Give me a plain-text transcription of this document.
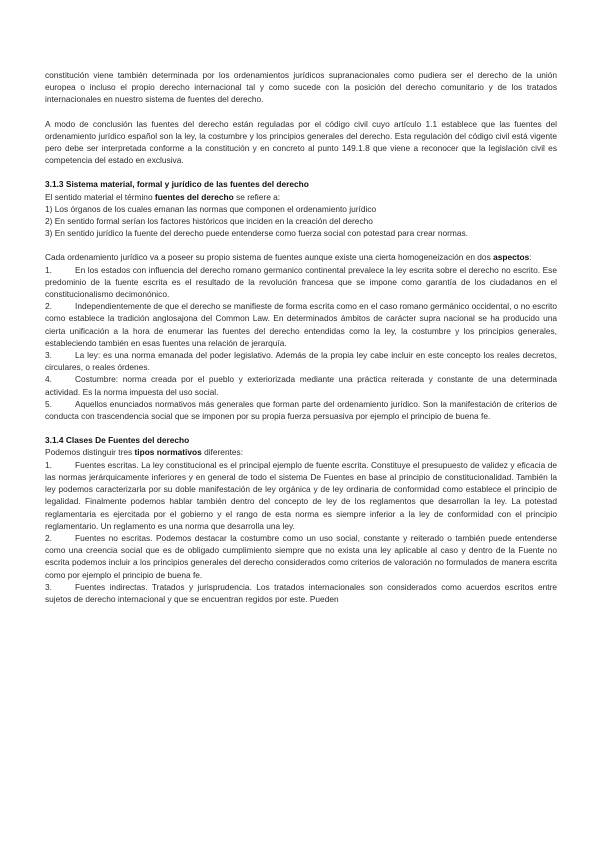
constitución viene también determinada por los ordenamientos jurídicos supranacionales como pudiera ser el derecho de la unión europea o incluso el propio derecho internacional tal y como sucede con la posición del derecho comunitario y de los tratados internacionales en nuestro sistema de fuentes del derecho.

A modo de conclusión las fuentes del derecho están reguladas por el código civil cuyo artículo 1.1 establece que las fuentes del ordenamiento jurídico español son la ley, la costumbre y los principios generales del derecho. Esta regulación del código civil está vigente pero debe ser interpretada conforme a la constitución y en concreto al punto 149.1.8 que viene a reconocer que la legislación civil es competencia del estado en exclusiva.

3.1.3 Sistema material, formal y jurídico de las fuentes del derecho

El sentido material el término fuentes del derecho se refiere a:

1) Los órganos de los cuales emanan las normas que componen el ordenamiento jurídico

2) En sentido formal serían los factores históricos que inciden en la creación del derecho

3) En sentido jurídico la fuente del derecho puede entenderse como fuerza social con potestad para crear normas.

Cada ordenamiento jurídico va a poseer su propio sistema de fuentes aunque existe una cierta homogeneización en dos aspectos:

1.	En los estados con influencia del derecho romano germanico continental prevalece la ley escrita sobre el derecho no escrito. Ese predominio de la fuente escrita es el resultado de la revolución francesa que se impone como garantía de los ciudadanos en el constitucionalismo decimonónico.

2.	Independientemente de que el derecho se manifieste de forma escrita como en el caso romano germánico occidental, o no escrito como establece la tradición anglosajona del Common Law. En determinados ámbitos de carácter supra nacional se ha producido una cierta unificación a la hora de enumerar las fuentes del derecho entendidas como la ley, la costumbre y los principios generales, estableciendo también en esas fuentes una relación de jerarquía.

3.	La ley: es una norma emanada del poder legislativo. Además de la propia ley cabe incluir en este concepto los reales decretos, circulares, o reales órdenes.

4.	Costumbre: norma creada por el pueblo y exteriorizada mediante una práctica reiterada y constante de una determinada actividad. Es la norma impuesta del uso social.

5.	Aquellos enunciados normativos más generales que forman parte del ordenamiento jurídico. Son la manifestación de criterios de conducta con trascendencia social que se imponen por su propia fuerza persuasiva por ejemplo el principio de buena fe.

3.1.4 Clases De Fuentes del derecho

Podemos distinguir tres tipos normativos diferentes:

1.	Fuentes escritas. La ley constitucional es el principal ejemplo de fuente escrita. Constituye el presupuesto de validez y eficacia de las normas jerárquicamente inferiores y en general de todo el sistema De Fuentes en base al principio de constitucionalidad. También la ley podemos caracterizarla por su doble manifestación de ley orgánica y de ley ordinaria de conformidad como establece el principio de legalidad. Finalmente podemos hablar también dentro del concepto de ley de los reglamentos que desarrollan la ley. La potestad reglamentaria es ejercitada por el gobierno y el rango de esta norma es siempre inferior a la ley de conformidad con el principio reglamentario. Un reglamento es una norma que desarrolla una ley.

2.	Fuentes no escritas. Podemos destacar la costumbre como un uso social, constante y reiterado o también puede entenderse como una creencia social que es de obligado cumplimiento siempre que no exista una ley aplicable al caso y dentro de la Fuente no escrita podemos incluir a los principios generales del derecho considerados como criterios de valoración no formulados de manera escrita como por ejemplo el principio de buena fe.

3.	Fuentes indirectas. Tratados y jurisprudencia. Los tratados internacionales son considerados como acuerdos escritos entre sujetos de derecho internacional y que se encuentran regidos por este. Pueden
